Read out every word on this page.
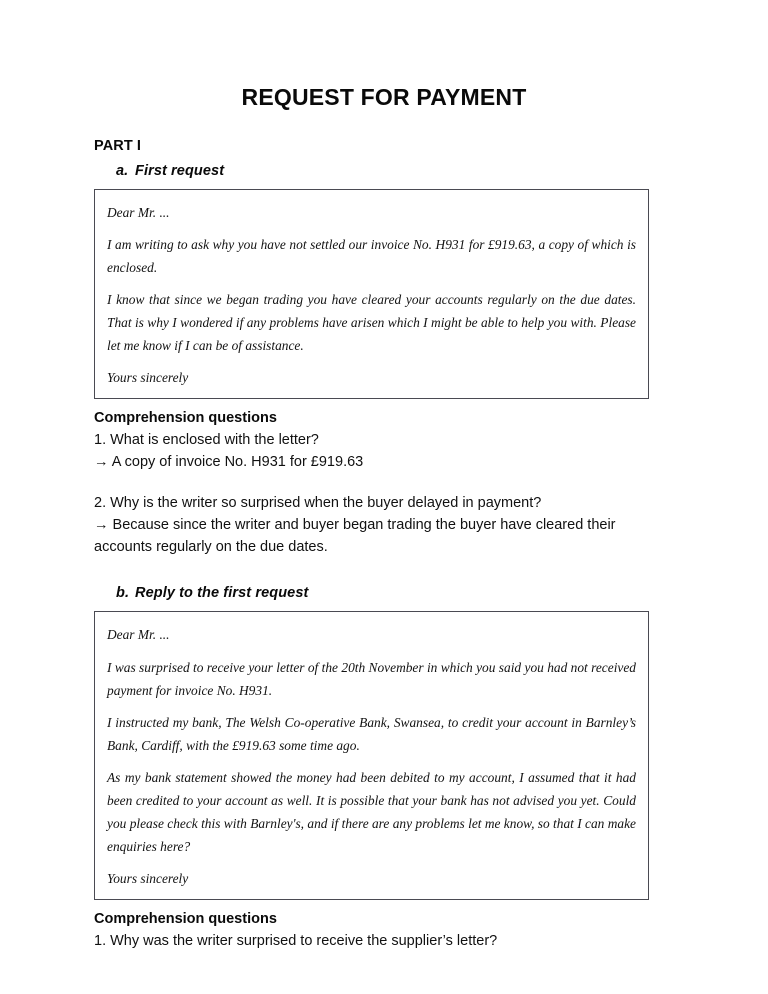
REQUEST FOR PAYMENT
PART I
a. First request

Dear Mr. ...

I am writing to ask why you have not settled our invoice No. H931 for £919.63, a copy of which is enclosed.

I know that since we began trading you have cleared your accounts regularly on the due dates. That is why I wondered if any problems have arisen which I might be able to help you with. Please let me know if I can be of assistance.

Yours sincerely

Comprehension questions

1. What is enclosed with the letter?

→ A copy of invoice No. H931 for £919.63

2. Why is the writer so surprised when the buyer delayed in payment?

→ Because since the writer and buyer began trading the buyer have cleared their accounts regularly on the due dates.

b. Reply to the first request

Dear Mr. ...

I was surprised to receive your letter of the 20th November in which you said you had not received payment for invoice No. H931.

I instructed my bank, The Welsh Co-operative Bank, Swansea, to credit your account in Barnley’s Bank, Cardiff, with the £919.63 some time ago.

As my bank statement showed the money had been debited to my account, I assumed that it had been credited to your account as well. It is possible that your bank has not advised you yet. Could you please check this with Barnley's, and if there are any problems let me know, so that I can make enquiries here?

Yours sincerely

Comprehension questions

1. Why was the writer surprised to receive the supplier’s letter?
